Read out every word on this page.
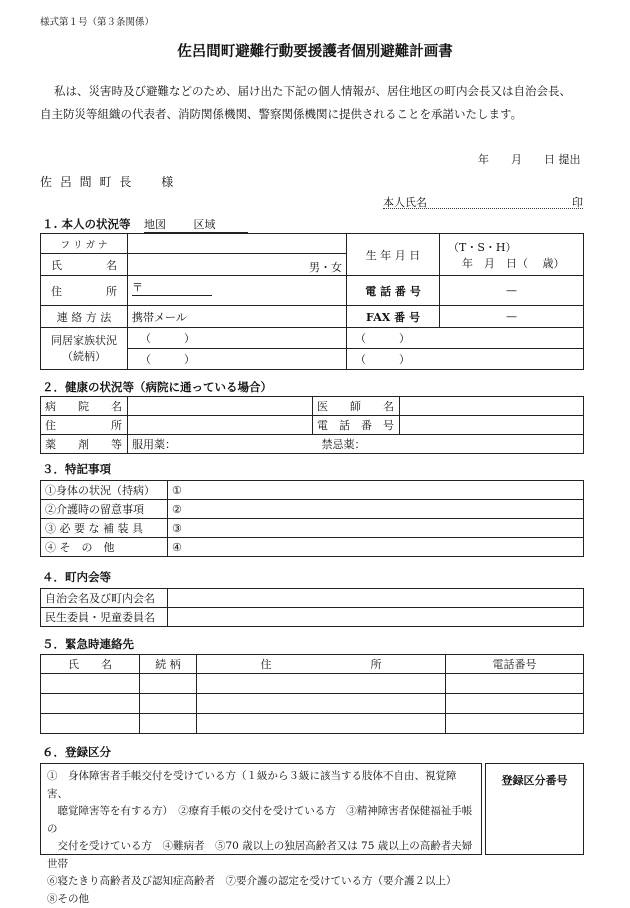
様式第１号（第３条関係）
佐呂間町避難行動要援護者個別避難計画書
私は、災害時及び避難などのため、届け出た下記の個人情報が、居住地区の町内会長又は自治会長、
自主防災等組織の代表者、消防関係機関、警察関係機関に提供されることを承諾いたします。
年　　月　　日 提出
佐 呂 間 町 長　　様
本人氏名	印
１. 本人の状況等 地図	区域
フ リ ガ ナ		生 年 月 日	（T・S・H）
年　月　日（　 歳）

氏　　　　名	男・女		
住　　　　所	〒	電 話 番 号	—
連 絡 方 法	携帯メール	FAX 番 号	—

同居家族状況
（続柄）	（　　　）	（　　　）	
	（　　　）	（　　　）	
２．健康の状況等（病院に通っている場合）
病　　院　　名		医　　師　　名	
住　　　　　所		電　話　番　号	
薬　　剤　　等	服用薬： 禁忌薬：		
３．特記事項
①身体の状況（持病）	①
②介護時の留意事項	②
③ 必 要 な 補 装 具	③
④ そ　の　他	④
４．町内会等
自治会名及び町内会名	
民生委員・児童委員名	
５．緊急時連絡先
氏　　名	続 柄	住　　　　　　　　　所	電話番号

６．登録区分
①　身体障害者手帳交付を受けている方（１級から３級に該当する肢体不自由、視覚障害、
　聴覚障害等を有する方）　②療育手帳の交付を受けている方　③精神障害者保健福祉手帳の
　交付を受けている方　④難病者　⑤70 歳以上の独居高齢者又は 75 歳以上の高齢者夫婦世帯
⑥寝たきり高齢者及び認知症高齢者　⑦要介護の認定を受けている方（要介護２以上）
⑧その他
登録区分番号
